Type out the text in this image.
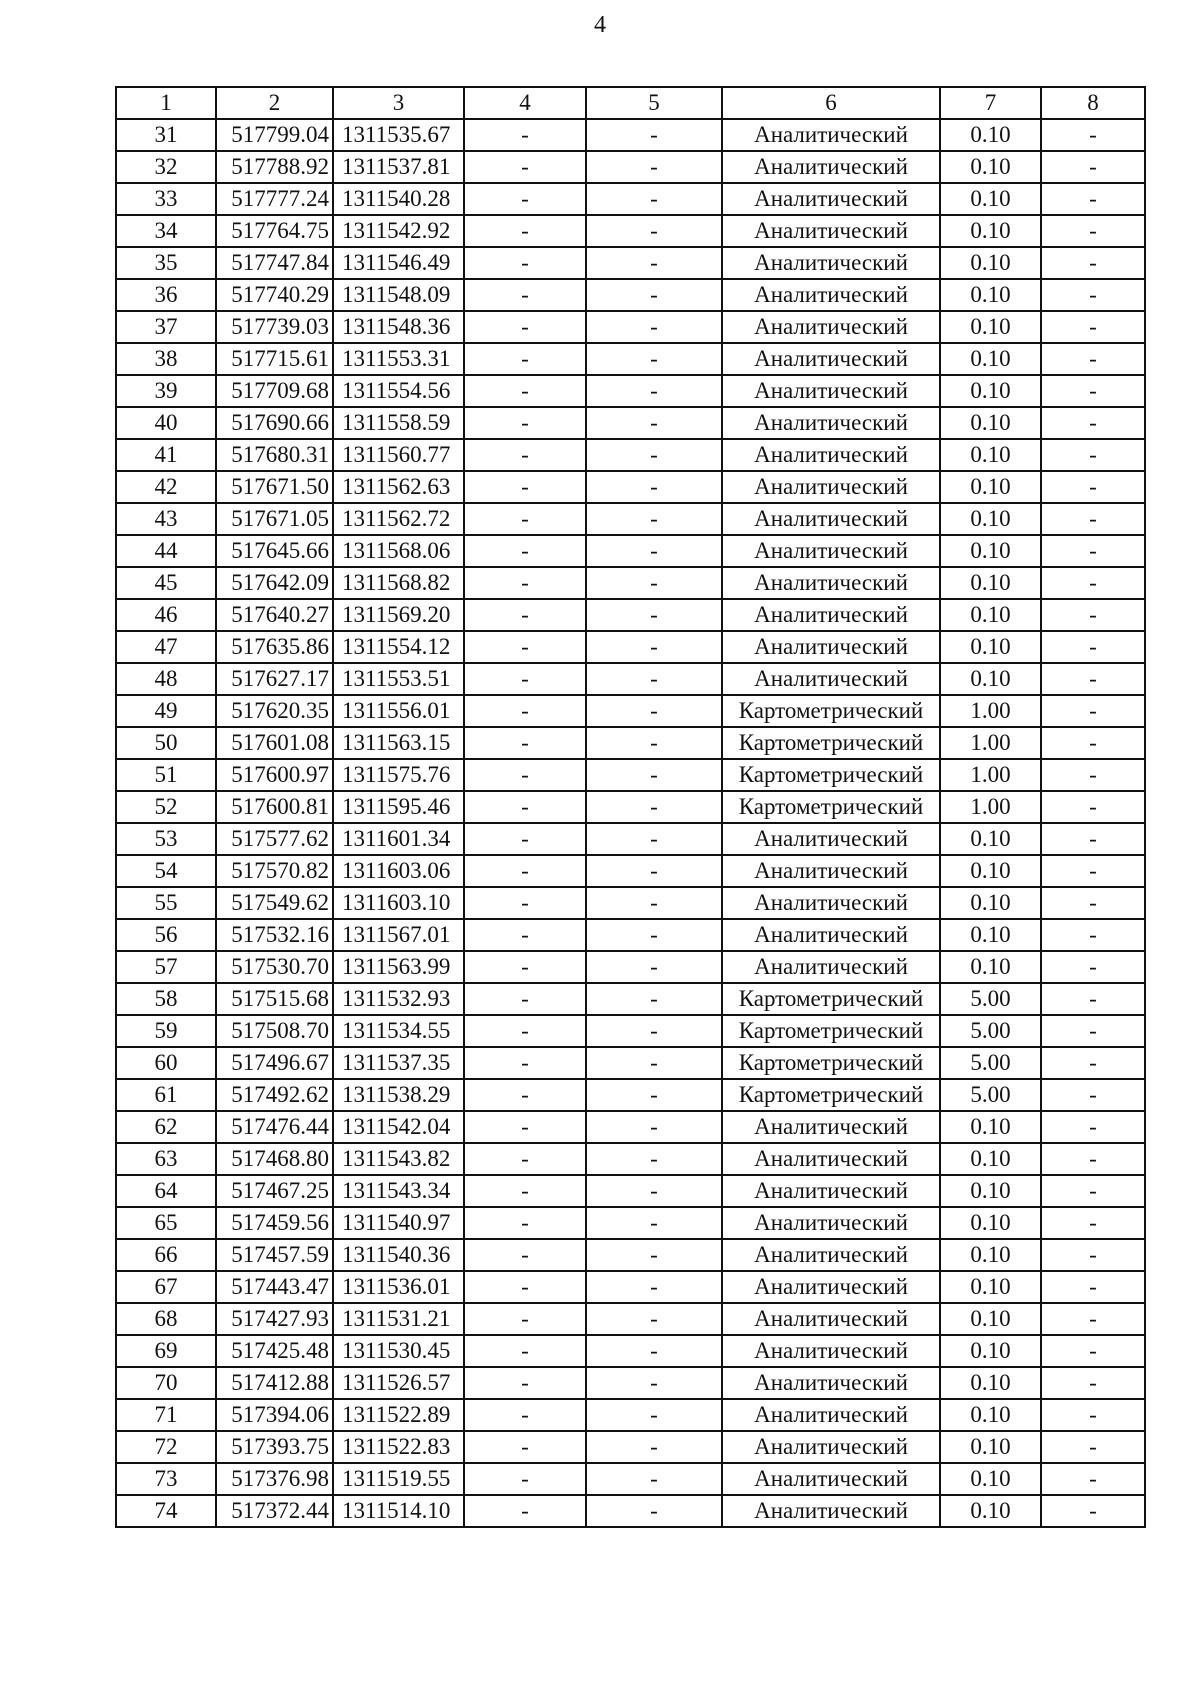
4
1	2	3	4	5	6	7	8
31	517799.04	1311535.67	-	-	Аналитический	0.10	-
32	517788.92	1311537.81	-	-	Аналитический	0.10	-
33	517777.24	1311540.28	-	-	Аналитический	0.10	-
34	517764.75	1311542.92	-	-	Аналитический	0.10	-
35	517747.84	1311546.49	-	-	Аналитический	0.10	-
36	517740.29	1311548.09	-	-	Аналитический	0.10	-
37	517739.03	1311548.36	-	-	Аналитический	0.10	-
38	517715.61	1311553.31	-	-	Аналитический	0.10	-
39	517709.68	1311554.56	-	-	Аналитический	0.10	-
40	517690.66	1311558.59	-	-	Аналитический	0.10	-
41	517680.31	1311560.77	-	-	Аналитический	0.10	-
42	517671.50	1311562.63	-	-	Аналитический	0.10	-
43	517671.05	1311562.72	-	-	Аналитический	0.10	-
44	517645.66	1311568.06	-	-	Аналитический	0.10	-
45	517642.09	1311568.82	-	-	Аналитический	0.10	-
46	517640.27	1311569.20	-	-	Аналитический	0.10	-
47	517635.86	1311554.12	-	-	Аналитический	0.10	-
48	517627.17	1311553.51	-	-	Аналитический	0.10	-
49	517620.35	1311556.01	-	-	Картометрический	1.00	-
50	517601.08	1311563.15	-	-	Картометрический	1.00	-
51	517600.97	1311575.76	-	-	Картометрический	1.00	-
52	517600.81	1311595.46	-	-	Картометрический	1.00	-
53	517577.62	1311601.34	-	-	Аналитический	0.10	-
54	517570.82	1311603.06	-	-	Аналитический	0.10	-
55	517549.62	1311603.10	-	-	Аналитический	0.10	-
56	517532.16	1311567.01	-	-	Аналитический	0.10	-
57	517530.70	1311563.99	-	-	Аналитический	0.10	-
58	517515.68	1311532.93	-	-	Картометрический	5.00	-
59	517508.70	1311534.55	-	-	Картометрический	5.00	-
60	517496.67	1311537.35	-	-	Картометрический	5.00	-
61	517492.62	1311538.29	-	-	Картометрический	5.00	-
62	517476.44	1311542.04	-	-	Аналитический	0.10	-
63	517468.80	1311543.82	-	-	Аналитический	0.10	-
64	517467.25	1311543.34	-	-	Аналитический	0.10	-
65	517459.56	1311540.97	-	-	Аналитический	0.10	-
66	517457.59	1311540.36	-	-	Аналитический	0.10	-
67	517443.47	1311536.01	-	-	Аналитический	0.10	-
68	517427.93	1311531.21	-	-	Аналитический	0.10	-
69	517425.48	1311530.45	-	-	Аналитический	0.10	-
70	517412.88	1311526.57	-	-	Аналитический	0.10	-
71	517394.06	1311522.89	-	-	Аналитический	0.10	-
72	517393.75	1311522.83	-	-	Аналитический	0.10	-
73	517376.98	1311519.55	-	-	Аналитический	0.10	-
74	517372.44	1311514.10	-	-	Аналитический	0.10	-
